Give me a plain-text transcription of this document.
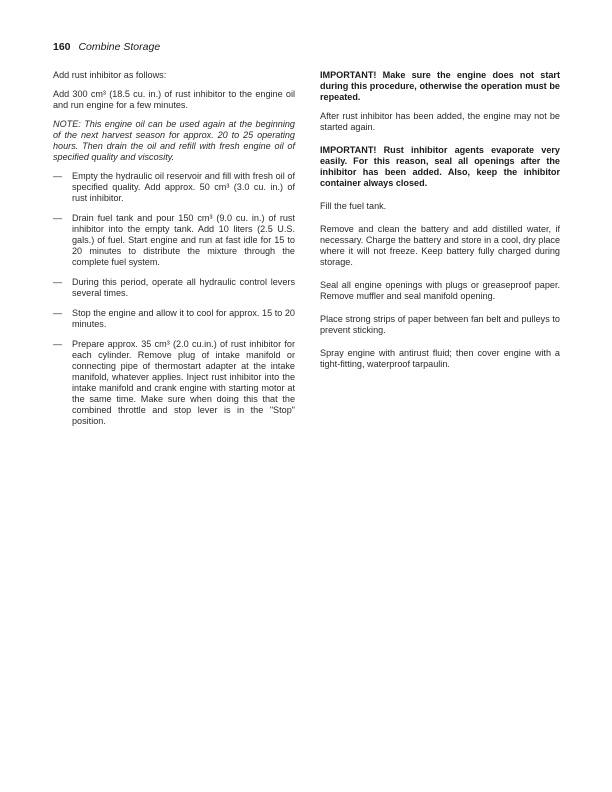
160 Combine Storage

Add rust inhibitor as follows:

Add 300 cm³ (18.5 cu. in.) of rust inhibitor to the engine oil and run engine for a few minutes.

NOTE: This engine oil can be used again at the beginning of the next harvest season for approx. 20 to 25 operating hours. Then drain the oil and refill with fresh engine oil of specified quality and viscosity.

—	Empty the hydraulic oil reservoir and fill with fresh oil of specified quality. Add approx. 50 cm³ (3.0 cu. in.) of rust inhibitor.
—	Drain fuel tank and pour 150 cm³ (9.0 cu. in.) of rust inhibitor into the empty tank. Add 10 liters (2.5 U.S. gals.) of fuel. Start engine and run at fast idle for 15 to 20 minutes to distribute the mixture through the complete fuel system.
—	During this period, operate all hydraulic control levers several times.
—	Stop the engine and allow it to cool for approx. 15 to 20 minutes.
—	Prepare approx. 35 cm³ (2.0 cu.in.) of rust inhibitor for each cylinder. Remove plug of intake manifold or connecting pipe of thermostart adapter at the intake manifold, whatever applies. Inject rust inhibitor into the intake manifold and crank engine with starting motor at the same time. Make sure when doing this that the combined throttle and stop lever is in the "Stop" position.

IMPORTANT! Make sure the engine does not start during this procedure, otherwise the operation must be repeated.

After rust inhibitor has been added, the engine may not be started again.

IMPORTANT! Rust inhibitor agents evaporate very easily. For this reason, seal all openings after the inhibitor has been added. Also, keep the inhibitor container always closed.

Fill the fuel tank.

Remove and clean the battery and add distilled water, if necessary. Charge the battery and store in a cool, dry place where it will not freeze. Keep battery fully charged during storage.

Seal all engine openings with plugs or greaseproof paper. Remove muffler and seal manifold opening.

Place strong strips of paper between fan belt and pulleys to prevent sticking.

Spray engine with antirust fluid; then cover engine with a tight-fitting, waterproof tarpaulin.
